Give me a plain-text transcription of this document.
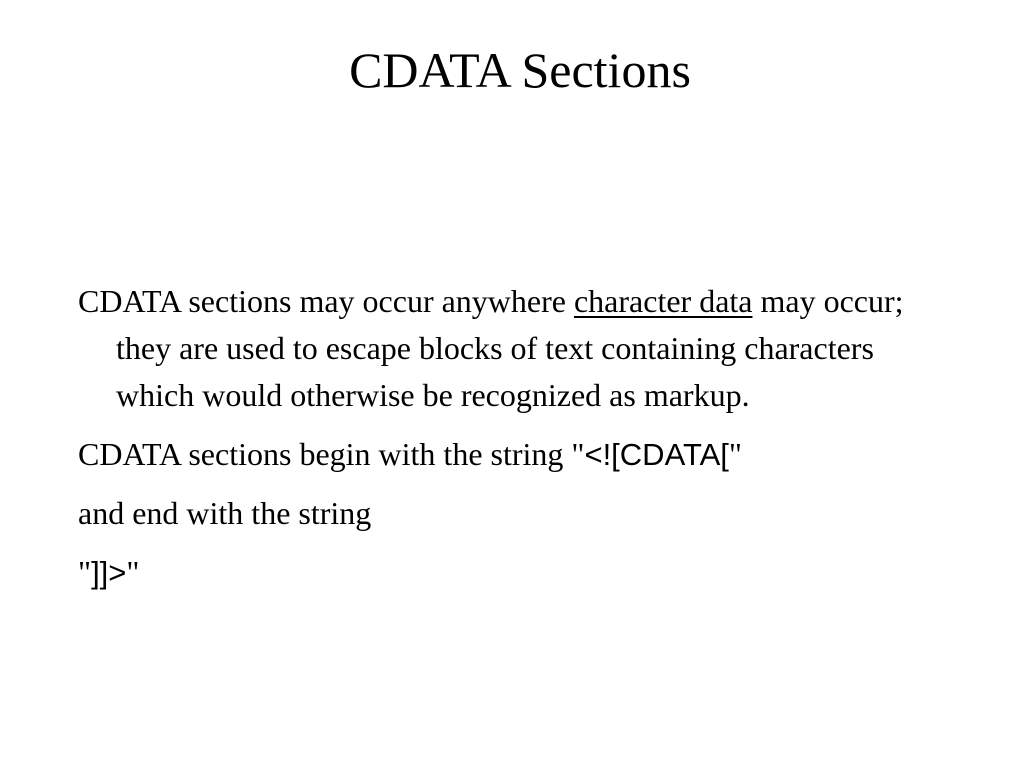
CDATA Sections

CDATA sections may occur anywhere character data may occur; they are used to escape blocks of text containing characters which would otherwise be recognized as markup.

CDATA sections begin with the string "<![CDATA["

and end with the string

"]]>"
